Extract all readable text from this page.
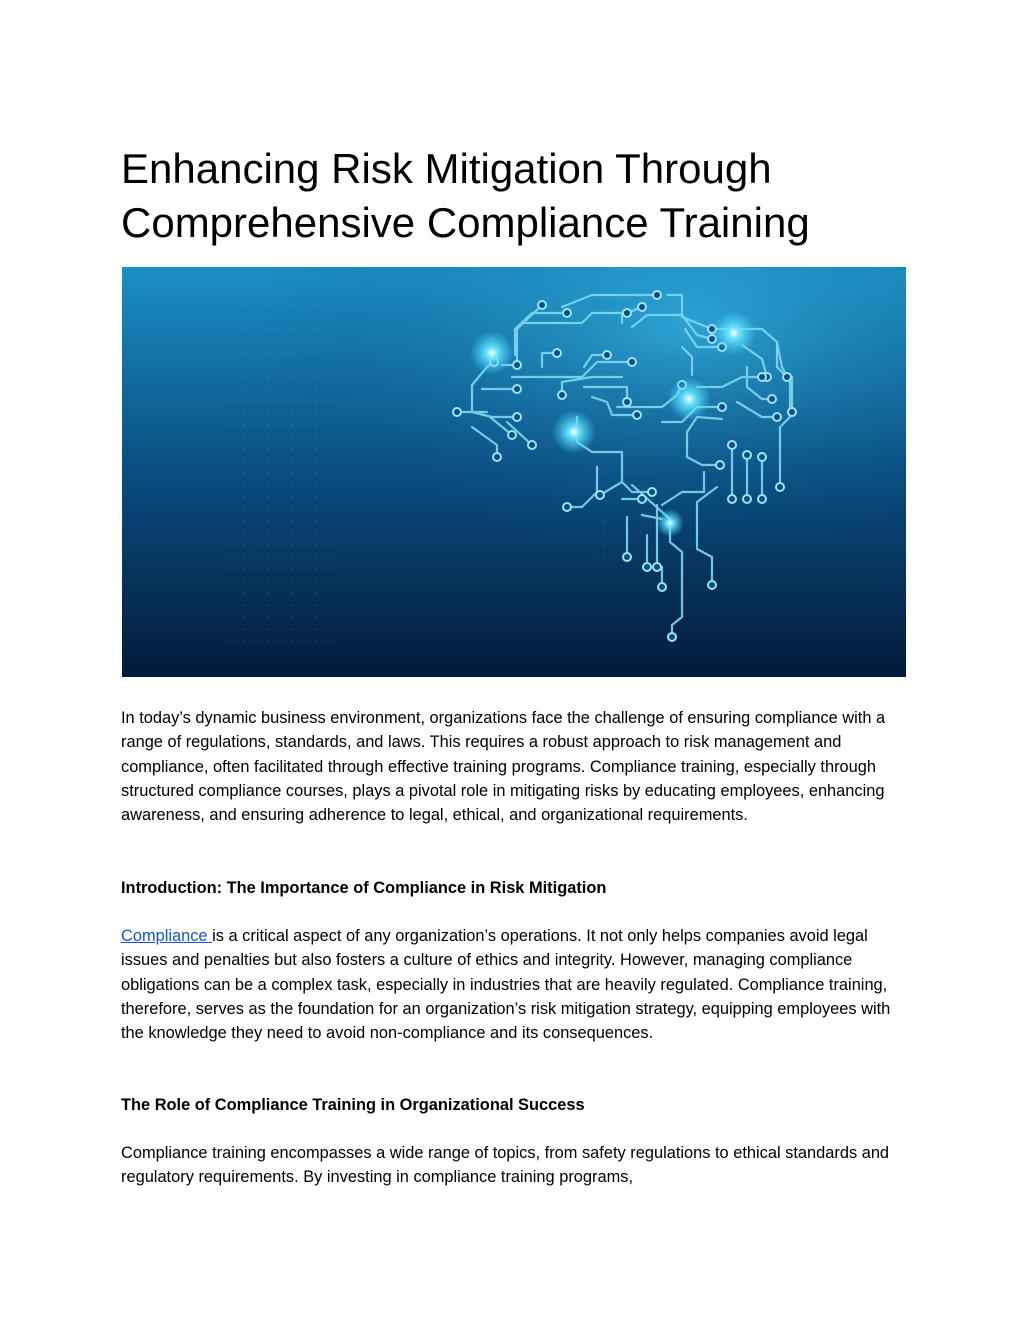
Enhancing Risk Mitigation Through
Comprehensive Compliance Training

In today’s dynamic business environment, organizations face the challenge of ensuring compliance with a range of regulations, standards, and laws. This requires a robust approach to risk management and compliance, often facilitated through effective training programs. Compliance training, especially through structured compliance courses, plays a pivotal role in mitigating risks by educating employees, enhancing awareness, and ensuring adherence to legal, ethical, and organizational requirements.

Introduction: The Importance of Compliance in Risk Mitigation

Compliance is a critical aspect of any organization’s operations. It not only helps companies avoid legal issues and penalties but also fosters a culture of ethics and integrity. However, managing compliance obligations can be a complex task, especially in industries that are heavily regulated. Compliance training, therefore, serves as the foundation for an organization’s risk mitigation strategy, equipping employees with the knowledge they need to avoid non-compliance and its consequences.

The Role of Compliance Training in Organizational Success

Compliance training encompasses a wide range of topics, from safety regulations to ethical standards and regulatory requirements. By investing in compliance training programs,
